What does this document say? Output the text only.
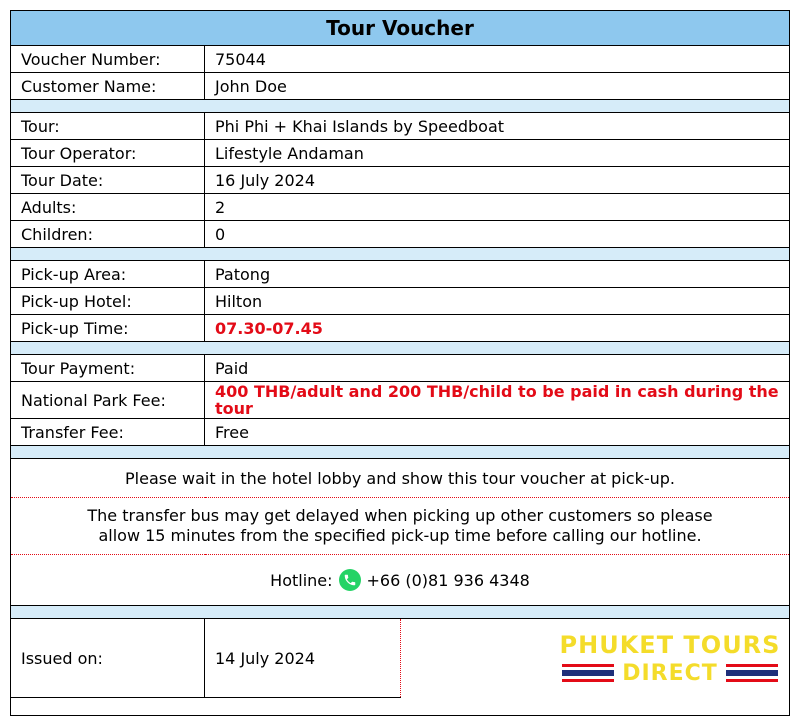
Tour Voucher
Voucher Number:	75044
Customer Name:	John Doe

Tour:	Phi Phi + Khai Islands by Speedboat
Tour Operator:	Lifestyle Andaman
Tour Date:	16 July 2024
Adults:	2
Children:	0

Pick-up Area:	Patong
Pick-up Hotel:	Hilton
Pick-up Time:	07.30-07.45

Tour Payment:	Paid
National Park Fee:	400 THB/adult and 200 THB/child to be paid in cash during the tour

Transfer Fee:	Free

Please wait in the hotel lobby and show this tour voucher at pick-up.	
The transfer bus may get delayed when picking up other customers so please
allow 15 minutes from the specified pick-up time before calling our hotline.	

Hotline: +66 (0)81 936 4348	

Issued on:	14 July 2024	PHUKET TOURS
DIRECT
